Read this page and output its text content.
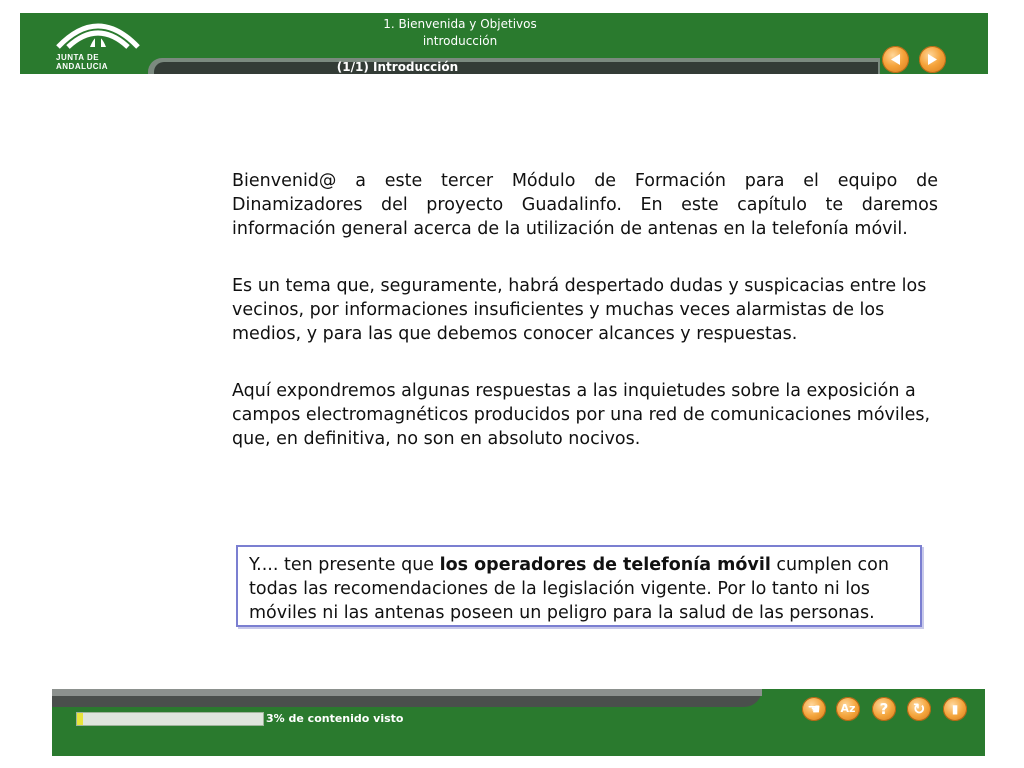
JUNTA DE ANDALUCIA
1. Bienvenida y Objetivos
introducción
(1/1) Introducción

Bienvenid@ a este tercer Módulo de Formación para el equipo de Dinamizadores del proyecto Guadalinfo. En este capítulo te daremos información general acerca de la utilización de antenas en la telefonía móvil.

Es un tema que, seguramente, habrá despertado dudas y suspicacias entre los vecinos, por informaciones insuficientes y muchas veces alarmistas de los medios, y para las que debemos conocer alcances y respuestas.

Aquí expondremos algunas respuestas a las inquietudes sobre la exposición a campos electromagnéticos producidos por una red de comunicaciones móviles, que, en definitiva, no son en absoluto nocivos.

Y.... ten presente que los operadores de telefonía móvil cumplen con todas las recomendaciones de la legislación vigente. Por lo tanto ni los móviles ni las antenas poseen un peligro para la salud de las personas.
3% de contenido visto
☚	Az	?	↻	▮
